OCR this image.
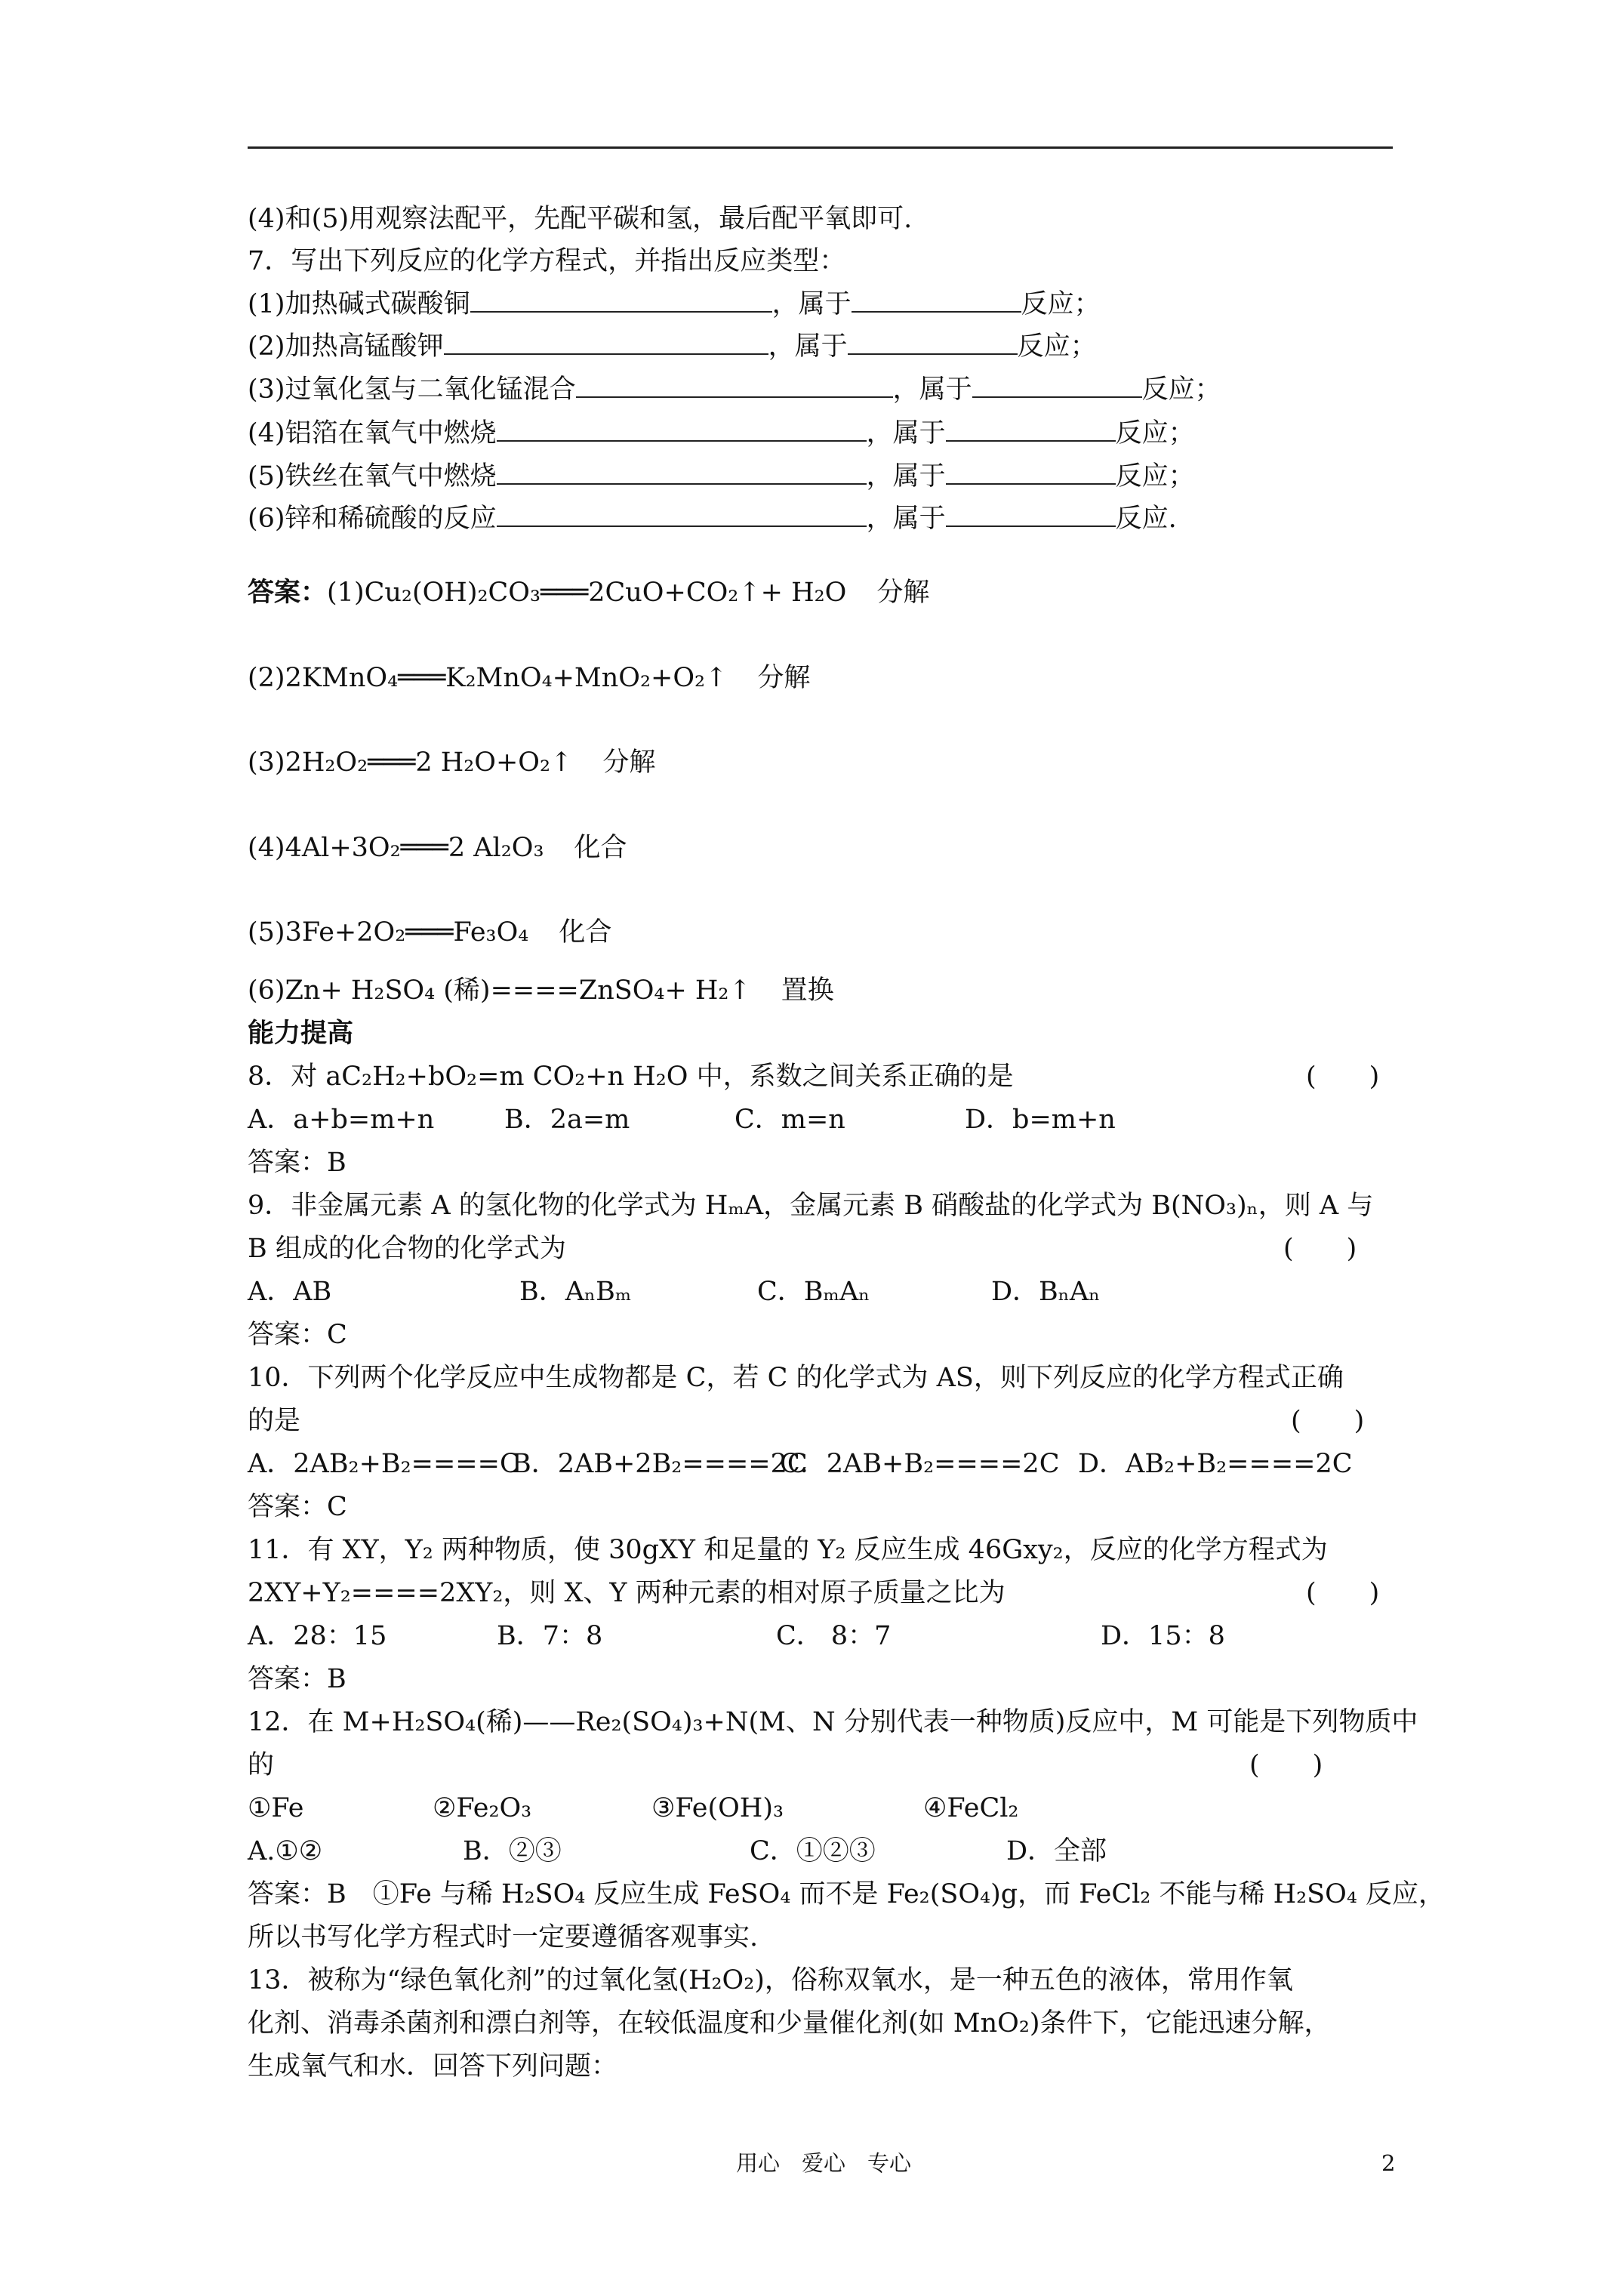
(4)和(5)用观察法配平，先配平碳和氢，最后配平氧即可.
7．写出下列反应的化学方程式，并指出反应类型：
(1)加热碱式碳酸铜	，属于	反应；
(2)加热高锰酸钾	，属于	反应；
(3)过氧化氢与二氧化锰混合	，属于	反应；
(4)铝箔在氧气中燃烧	，属于	反应；
(5)铁丝在氧气中燃烧	，属于	反应；
(6)锌和稀硫酸的反应	，属于	反应.
答案：(1)Cu₂(OH)₂CO₃═══2CuO+CO₂↑+ H₂O 分解
(2)2KMnO₄═══K₂MnO₄+MnO₂+O₂↑ 分解
(3)2H₂O₂═══2 H₂O+O₂↑ 分解
(4)4Al+3O₂═══2 Al₂O₃ 化合
(5)3Fe+2O₂═══Fe₃O₄ 化合
(6)Zn+ H₂SO₄ (稀)====ZnSO₄+ H₂↑ 置换
能力提高
8．对 aC₂H₂+bO₂=m CO₂+n H₂O 中，系数之间关系正确的是	(　　)
A．a+b=m+n	B．2a=m	C．m=n	D．b=m+n
答案：B
9．非金属元素 A 的氢化物的化学式为 HₘA，金属元素 B 硝酸盐的化学式为 B(NO₃)ₙ，则 A 与
B 组成的化合物的化学式为	(　　)
A．AB	B．AₙBₘ	C．BₘAₙ	D．BₙAₙ
答案：C
10．下列两个化学反应中生成物都是 C，若 C 的化学式为 AS，则下列反应的化学方程式正确
的是	(　　)
A．2AB₂+B₂====CB．2AB+2B₂====2CC．2AB+B₂====2C D．AB₂+B₂====2C
答案：C
11．有 XY，Y₂ 两种物质，使 30gXY 和足量的 Y₂ 反应生成 46Gxy₂，反应的化学方程式为
2XY+Y₂====2XY₂，则 X、Y 两种元素的相对原子质量之比为	(　　)
A．28：15	B．7：8	C． 8：7	D．15：8
答案：B
12．在 M+H₂SO₄(稀)——Re₂(SO₄)₃+N(M、N 分别代表一种物质)反应中，M 可能是下列物质中
的	(　　)
①Fe	②Fe₂O₃	③Fe(OH)₃	④FeCl₂
A.①②	B．②③	C．①②③	D．全部
答案：B　①Fe 与稀 H₂SO₄ 反应生成 FeSO₄ 而不是 Fe₂(SO₄)g，而 FeCl₂ 不能与稀 H₂SO₄ 反应，
所以书写化学方程式时一定要遵循客观事实.
13．被称为“绿色氧化剂”的过氧化氢(H₂O₂)，俗称双氧水，是一种五色的液体，常用作氧
化剂、消毒杀菌剂和漂白剂等，在较低温度和少量催化剂(如 MnO₂)条件下，它能迅速分解，
生成氧气和水．回答下列问题：
用心　爱心　专心	2
